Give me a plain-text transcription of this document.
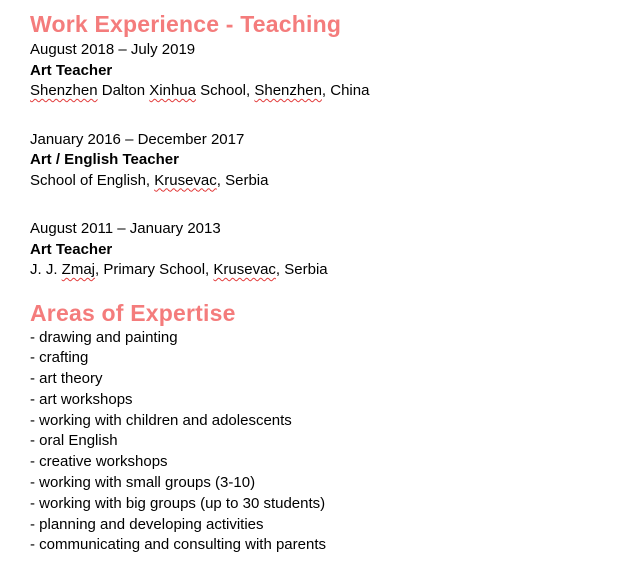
Work Experience - Teaching
August 2018 – July 2019
Art Teacher
Shenzhen Dalton Xinhua School, Shenzhen, China
January 2016 – December 2017
Art / English Teacher
School of English, Krusevac, Serbia
August 2011 – January 2013
Art Teacher
J. J. Zmaj, Primary School, Krusevac, Serbia
Areas of Expertise
- drawing and painting
- crafting
- art theory
- art workshops
- working with children and adolescents
- oral English
- creative workshops
- working with small groups (3-10)
- working with big groups (up to 30 students)
- planning and developing activities
- communicating and consulting with parents
